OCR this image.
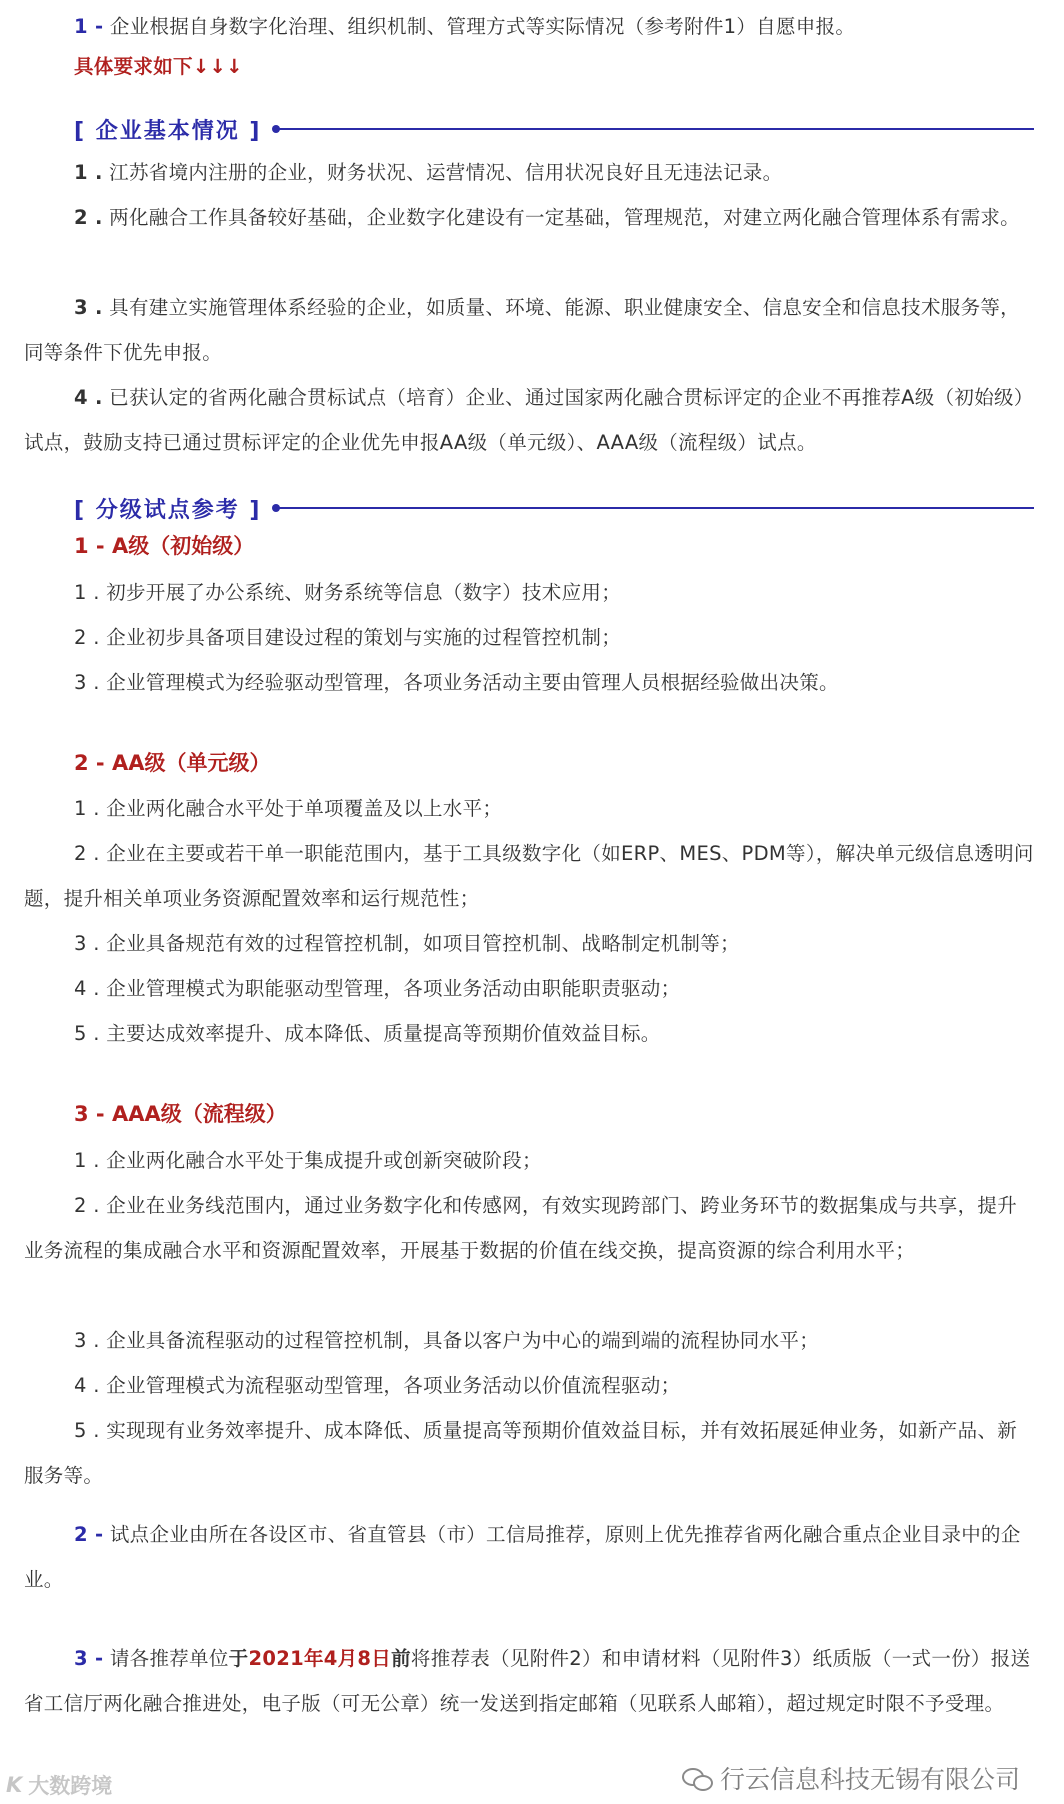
1 - 企业根据自身数字化治理、组织机制、管理方式等实际情况（参考附件1）自愿申报。

具体要求如下↓↓↓

[ 企业基本情况 ]

1 . 江苏省境内注册的企业，财务状况、运营情况、信用状况良好且无违法记录。

2 . 两化融合工作具备较好基础，企业数字化建设有一定基础，管理规范，对建立两化融合管理体系有需求。

3 . 具有建立实施管理体系经验的企业，如质量、环境、能源、职业健康安全、信息安全和信息技术服务等，同等条件下优先申报。

4 . 已获认定的省两化融合贯标试点（培育）企业、通过国家两化融合贯标评定的企业不再推荐A级（初始级）试点，鼓励支持已通过贯标评定的企业优先申报AA级（单元级）、AAA级（流程级）试点。

[ 分级试点参考 ]
1 - A级（初始级）

1 . 初步开展了办公系统、财务系统等信息（数字）技术应用；

2 . 企业初步具备项目建设过程的策划与实施的过程管控机制；

3 . 企业管理模式为经验驱动型管理，各项业务活动主要由管理人员根据经验做出决策。

2 - AA级（单元级）

1 . 企业两化融合水平处于单项覆盖及以上水平；

2 . 企业在主要或若干单一职能范围内，基于工具级数字化（如ERP、MES、PDM等），解决单元级信息透明问题，提升相关单项业务资源配置效率和运行规范性；

3 . 企业具备规范有效的过程管控机制，如项目管控机制、战略制定机制等；

4 . 企业管理模式为职能驱动型管理，各项业务活动由职能职责驱动；

5 . 主要达成效率提升、成本降低、质量提高等预期价值效益目标。

3 - AAA级（流程级）

1 . 企业两化融合水平处于集成提升或创新突破阶段；

2 . 企业在业务线范围内，通过业务数字化和传感网，有效实现跨部门、跨业务环节的数据集成与共享，提升业务流程的集成融合水平和资源配置效率，开展基于数据的价值在线交换，提高资源的综合利用水平；

3 . 企业具备流程驱动的过程管控机制，具备以客户为中心的端到端的流程协同水平；

4 . 企业管理模式为流程驱动型管理，各项业务活动以价值流程驱动；

5 . 实现现有业务效率提升、成本降低、质量提高等预期价值效益目标，并有效拓展延伸业务，如新产品、新服务等。

2 - 试点企业由所在各设区市、省直管县（市）工信局推荐，原则上优先推荐省两化融合重点企业目录中的企业。

3 - 请各推荐单位于2021年4月8日前将推荐表（见附件2）和申请材料（见附件3）纸质版（一式一份）报送省工信厅两化融合推进处，电子版（可无公章）统一发送到指定邮箱（见联系人邮箱），超过规定时限不予受理。

行云信息科技无锡有限公司
K 大数跨境
